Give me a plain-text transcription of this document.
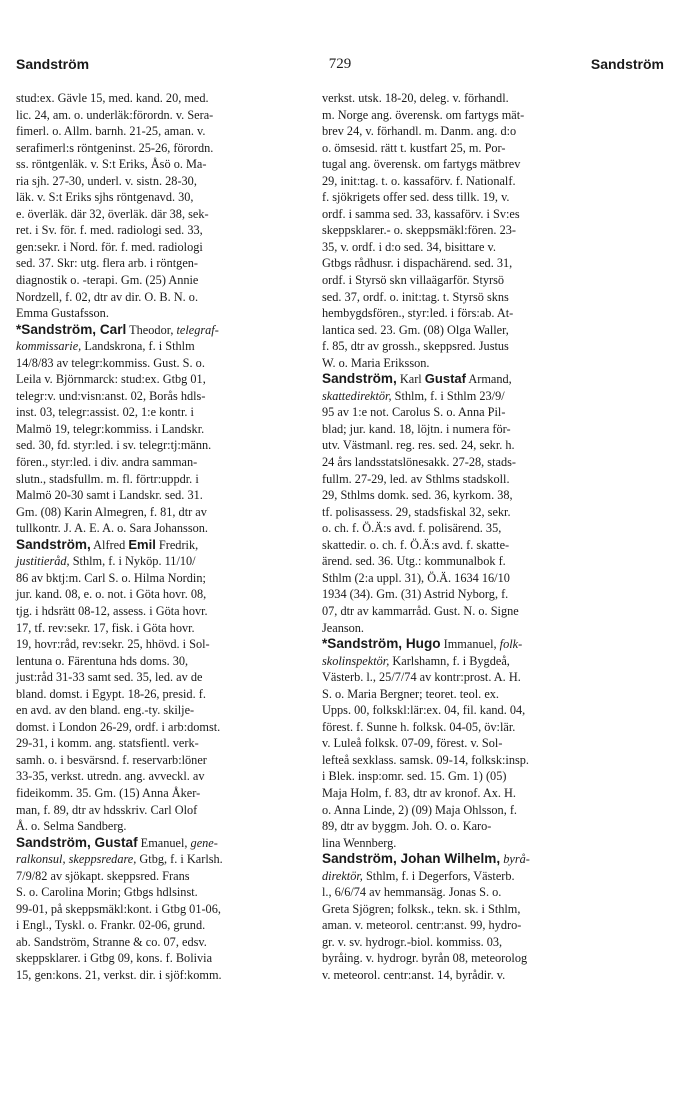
Sandström	729	Sandström
stud:ex. Gävle 15, med. kand. 20, med.
lic. 24, am. o. underläk:förordn. v. Sera-
fimerl. o. Allm. barnh. 21-25, aman. v.
serafimerl:s röntgeninst. 25-26, förordn.
ss. röntgenläk. v. S:t Eriks, Åsö o. Ma-
ria sjh. 27-30, underl. v. sistn. 28-30,
läk. v. S:t Eriks sjhs röntgenavd. 30,
e. överläk. där 32, överläk. där 38, sek-
ret. i Sv. för. f. med. radiologi sed. 33,
gen:sekr. i Nord. för. f. med. radiologi
sed. 37. Skr: utg. flera arb. i röntgen-
diagnostik o. -terapi. Gm. (25) Annie
Nordzell, f. 02, dtr av dir. O. B. N. o.
Emma Gustafsson.
*Sandström, Carl Theodor, telegraf-
kommissarie, Landskrona, f. i Sthlm
14/8/83 av telegr:kommiss. Gust. S. o.
Leila v. Björnmarck: stud:ex. Gtbg 01,
telegr:v. und:visn:anst. 02, Borås hdls-
inst. 03, telegr:assist. 02, 1:e kontr. i
Malmö 19, telegr:kommiss. i Landskr.
sed. 30, fd. styr:led. i sv. telegr:tj:männ.
fören., styr:led. i div. andra samman-
slutn., stadsfullm. m. fl. förtr:uppdr. i
Malmö 20-30 samt i Landskr. sed. 31.
Gm. (08) Karin Almegren, f. 81, dtr av
tullkontr. J. A. E. A. o. Sara Johansson.
Sandström, Alfred Emil Fredrik,
justitieråd, Sthlm, f. i Nyköp. 11/10/
86 av bktj:m. Carl S. o. Hilma Nordin;
jur. kand. 08, e. o. not. i Göta hovr. 08,
tjg. i hdsrätt 08-12, assess. i Göta hovr.
17, tf. rev:sekr. 17, fisk. i Göta hovr.
19, hovr:råd, rev:sekr. 25, hhövd. i Sol-
lentuna o. Färentuna hds doms. 30,
just:råd 31-33 samt sed. 35, led. av de
bland. domst. i Egypt. 18-26, presid. f.
en avd. av den bland. eng.-ty. skilje-
domst. i London 26-29, ordf. i arb:domst.
29-31, i komm. ang. statsfientl. verk-
samh. o. i besvärsnd. f. reservarb:löner
33-35, verkst. utredn. ang. avveckl. av
fideikomm. 35. Gm. (15) Anna Åker-
man, f. 89, dtr av hdsskriv. Carl Olof
Å. o. Selma Sandberg.
Sandström, Gustaf Emanuel, gene-
ralkonsul, skeppsredare, Gtbg, f. i Karlsh.
7/9/82 av sjökapt. skeppsred. Frans
S. o. Carolina Morin; Gtbgs hdlsinst.
99-01, på skeppsmäkl:kont. i Gtbg 01-06,
i Engl., Tyskl. o. Frankr. 02-06, grund.
ab. Sandström, Stranne & co. 07, edsv.
skeppsklarer. i Gtbg 09, kons. f. Bolivia
15, gen:kons. 21, verkst. dir. i sjöf:komm.
verkst. utsk. 18-20, deleg. v. förhandl.
m. Norge ang. överensk. om fartygs mät-
brev 24, v. förhandl. m. Danm. ang. d:o
o. ömsesid. rätt t. kustfart 25, m. Por-
tugal ang. överensk. om fartygs mätbrev
29, init:tag. t. o. kassaförv. f. Nationalf.
f. sjökrigets offer sed. dess tillk. 19, v.
ordf. i samma sed. 33, kassaförv. i Sv:es
skeppsklarer.- o. skeppsmäkl:fören. 23-
35, v. ordf. i d:o sed. 34, bisittare v.
Gtbgs rådhusr. i dispachärend. sed. 31,
ordf. i Styrsö skn villaägarför. Styrsö
sed. 37, ordf. o. init:tag. t. Styrsö skns
hembygdsfören., styr:led. i förs:ab. At-
lantica sed. 23. Gm. (08) Olga Waller,
f. 85, dtr av grossh., skeppsred. Justus
W. o. Maria Eriksson.
Sandström, Karl Gustaf Armand,
skattedirektör, Sthlm, f. i Sthlm 23/9/
95 av 1:e not. Carolus S. o. Anna Pil-
blad; jur. kand. 18, löjtn. i numera för-
utv. Västmanl. reg. res. sed. 24, sekr. h.
24 års landsstatslönesakk. 27-28, stads-
fullm. 27-29, led. av Sthlms stadskoll.
29, Sthlms domk. sed. 36, kyrkom. 38,
tf. polisassess. 29, stadsfiskal 32, sekr.
o. ch. f. Ö.Ä:s avd. f. polisärend. 35,
skattedir. o. ch. f. Ö.Ä:s avd. f. skatte-
ärend. sed. 36. Utg.: kommunalbok f.
Sthlm (2:a uppl. 31), Ö.Ä. 1634 16/10
1934 (34). Gm. (31) Astrid Nyborg, f.
07, dtr av kammarråd. Gust. N. o. Signe
Jeanson.
*Sandström, Hugo Immanuel, folk-
skolinspektör, Karlshamn, f. i Bygdeå,
Västerb. l., 25/7/74 av kontr:prost. A. H.
S. o. Maria Bergner; teoret. teol. ex.
Upps. 00, folkskl:lär:ex. 04, fil. kand. 04,
förest. f. Sunne h. folksk. 04-05, öv:lär.
v. Luleå folksk. 07-09, förest. v. Sol-
lefteå sexklass. samsk. 09-14, folksk:insp.
i Blek. insp:omr. sed. 15. Gm. 1) (05)
Maja Holm, f. 83, dtr av kronof. Ax. H.
o. Anna Linde, 2) (09) Maja Ohlsson, f.
89, dtr av byggm. Joh. O. o. Karo-
lina Wennberg.
Sandström, Johan Wilhelm, byrå-
direktör, Sthlm, f. i Degerfors, Västerb.
l., 6/6/74 av hemmansäg. Jonas S. o.
Greta Sjögren; folksk., tekn. sk. i Sthlm,
aman. v. meteorol. centr:anst. 99, hydro-
gr. v. sv. hydrogr.-biol. kommiss. 03,
byråing. v. hydrogr. byrån 08, meteorolog
v. meteorol. centr:anst. 14, byrådir. v.
